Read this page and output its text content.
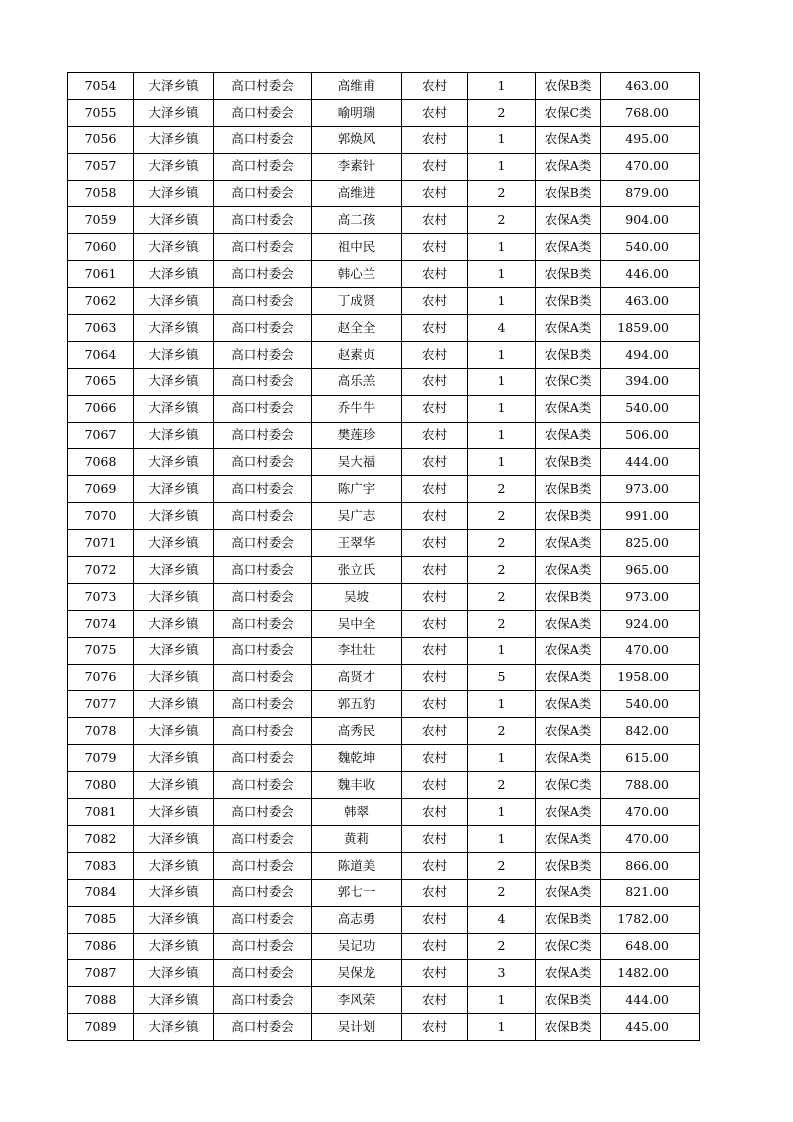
7054	大泽乡镇	高口村委会	高维甫	农村	1	农保B类	463.00
7055	大泽乡镇	高口村委会	喻明瑞	农村	2	农保C类	768.00
7056	大泽乡镇	高口村委会	郭焕风	农村	1	农保A类	495.00
7057	大泽乡镇	高口村委会	李素针	农村	1	农保A类	470.00
7058	大泽乡镇	高口村委会	高维进	农村	2	农保B类	879.00
7059	大泽乡镇	高口村委会	高二孩	农村	2	农保A类	904.00
7060	大泽乡镇	高口村委会	祖中民	农村	1	农保A类	540.00
7061	大泽乡镇	高口村委会	韩心兰	农村	1	农保B类	446.00
7062	大泽乡镇	高口村委会	丁成贤	农村	1	农保B类	463.00
7063	大泽乡镇	高口村委会	赵全全	农村	4	农保A类	1859.00
7064	大泽乡镇	高口村委会	赵素贞	农村	1	农保B类	494.00
7065	大泽乡镇	高口村委会	高乐羔	农村	1	农保C类	394.00
7066	大泽乡镇	高口村委会	乔牛牛	农村	1	农保A类	540.00
7067	大泽乡镇	高口村委会	樊莲珍	农村	1	农保A类	506.00
7068	大泽乡镇	高口村委会	吴大福	农村	1	农保B类	444.00
7069	大泽乡镇	高口村委会	陈广宇	农村	2	农保B类	973.00
7070	大泽乡镇	高口村委会	吴广志	农村	2	农保B类	991.00
7071	大泽乡镇	高口村委会	王翠华	农村	2	农保A类	825.00
7072	大泽乡镇	高口村委会	张立氏	农村	2	农保A类	965.00
7073	大泽乡镇	高口村委会	吴坡	农村	2	农保B类	973.00
7074	大泽乡镇	高口村委会	吴中全	农村	2	农保A类	924.00
7075	大泽乡镇	高口村委会	李壮壮	农村	1	农保A类	470.00
7076	大泽乡镇	高口村委会	高贤才	农村	5	农保A类	1958.00
7077	大泽乡镇	高口村委会	郭五豹	农村	1	农保A类	540.00
7078	大泽乡镇	高口村委会	高秀民	农村	2	农保A类	842.00
7079	大泽乡镇	高口村委会	魏乾坤	农村	1	农保A类	615.00
7080	大泽乡镇	高口村委会	魏丰收	农村	2	农保C类	788.00
7081	大泽乡镇	高口村委会	韩翠	农村	1	农保A类	470.00
7082	大泽乡镇	高口村委会	黄莉	农村	1	农保A类	470.00
7083	大泽乡镇	高口村委会	陈道美	农村	2	农保B类	866.00
7084	大泽乡镇	高口村委会	郭七一	农村	2	农保A类	821.00
7085	大泽乡镇	高口村委会	高志勇	农村	4	农保B类	1782.00
7086	大泽乡镇	高口村委会	吴记功	农村	2	农保C类	648.00
7087	大泽乡镇	高口村委会	吴保龙	农村	3	农保A类	1482.00
7088	大泽乡镇	高口村委会	李风荣	农村	1	农保B类	444.00
7089	大泽乡镇	高口村委会	吴计划	农村	1	农保B类	445.00
